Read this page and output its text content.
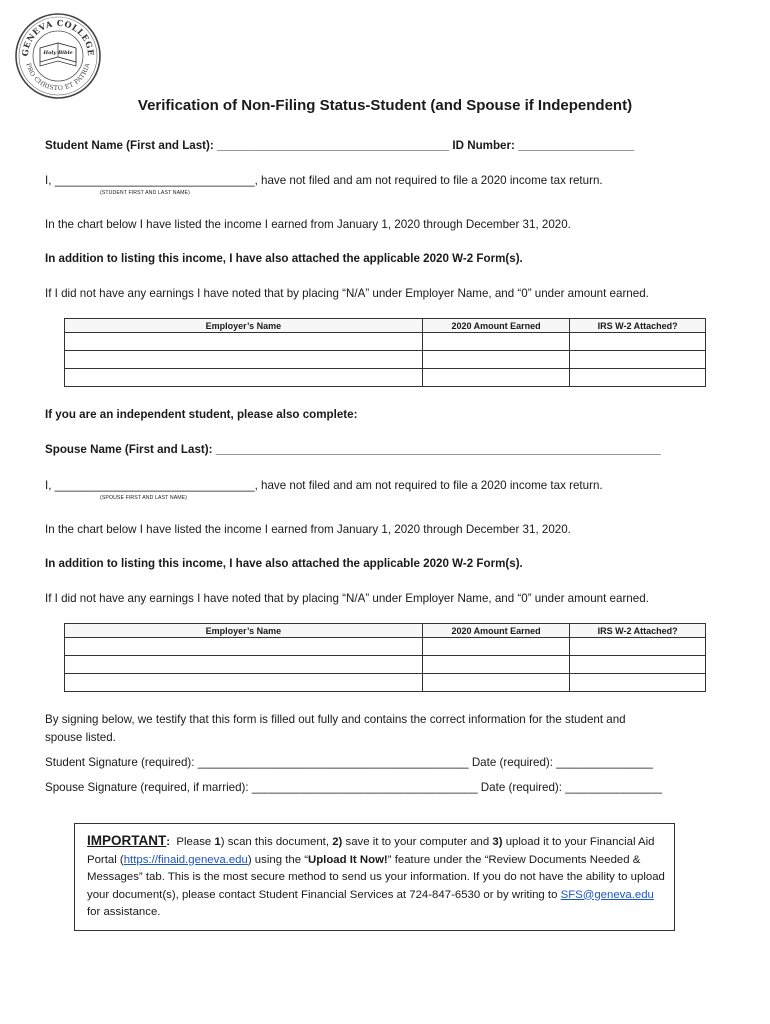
GENEVA COLLEGE
PRO CHRISTO ET PATRIA
Holy Bible
Verification of Non-Filing Status-Student (and Spouse if Independent)
Student Name (First and Last): ____________________________________ ID Number: __________________
I, _______________________________, have not filed and am not required to file a 2020 income tax return.
(STUDENT FIRST AND LAST NAME)
In the chart below I have listed the income I earned from January 1, 2020 through December 31, 2020.
In addition to listing this income, I have also attached the applicable 2020 W-2 Form(s).
If I did not have any earnings I have noted that by placing “N/A” under Employer Name, and “0” under amount earned.
Employer’s Name	2020 Amount Earned	IRS W-2 Attached?

If you are an independent student, please also complete:
Spouse Name (First and Last): _____________________________________________________________________
I, _______________________________, have not filed and am not required to file a 2020 income tax return.
(SPOUSE FIRST AND LAST NAME)
In the chart below I have listed the income I earned from January 1, 2020 through December 31, 2020.
In addition to listing this income, I have also attached the applicable 2020 W-2 Form(s).
If I did not have any earnings I have noted that by placing “N/A” under Employer Name, and “0” under amount earned.
Employer’s Name	2020 Amount Earned	IRS W-2 Attached?

By signing below, we testify that this form is filled out fully and contains the correct information for the student and
spouse listed.
Student Signature (required): __________________________________________ Date (required): _______________
Spouse Signature (required, if married): ___________________________________ Date (required): _______________
IMPORTANT: Please 1) scan this document, 2) save it to your computer and 3) upload it to your Financial Aid Portal (https://finaid.geneva.edu) using the “Upload It Now!” feature under the “Review Documents Needed & Messages” tab. This is the most secure method to send us your information. If you do not have the ability to upload your document(s), please contact Student Financial Services at 724-847-6530 or by writing to SFS@geneva.edu for assistance.
